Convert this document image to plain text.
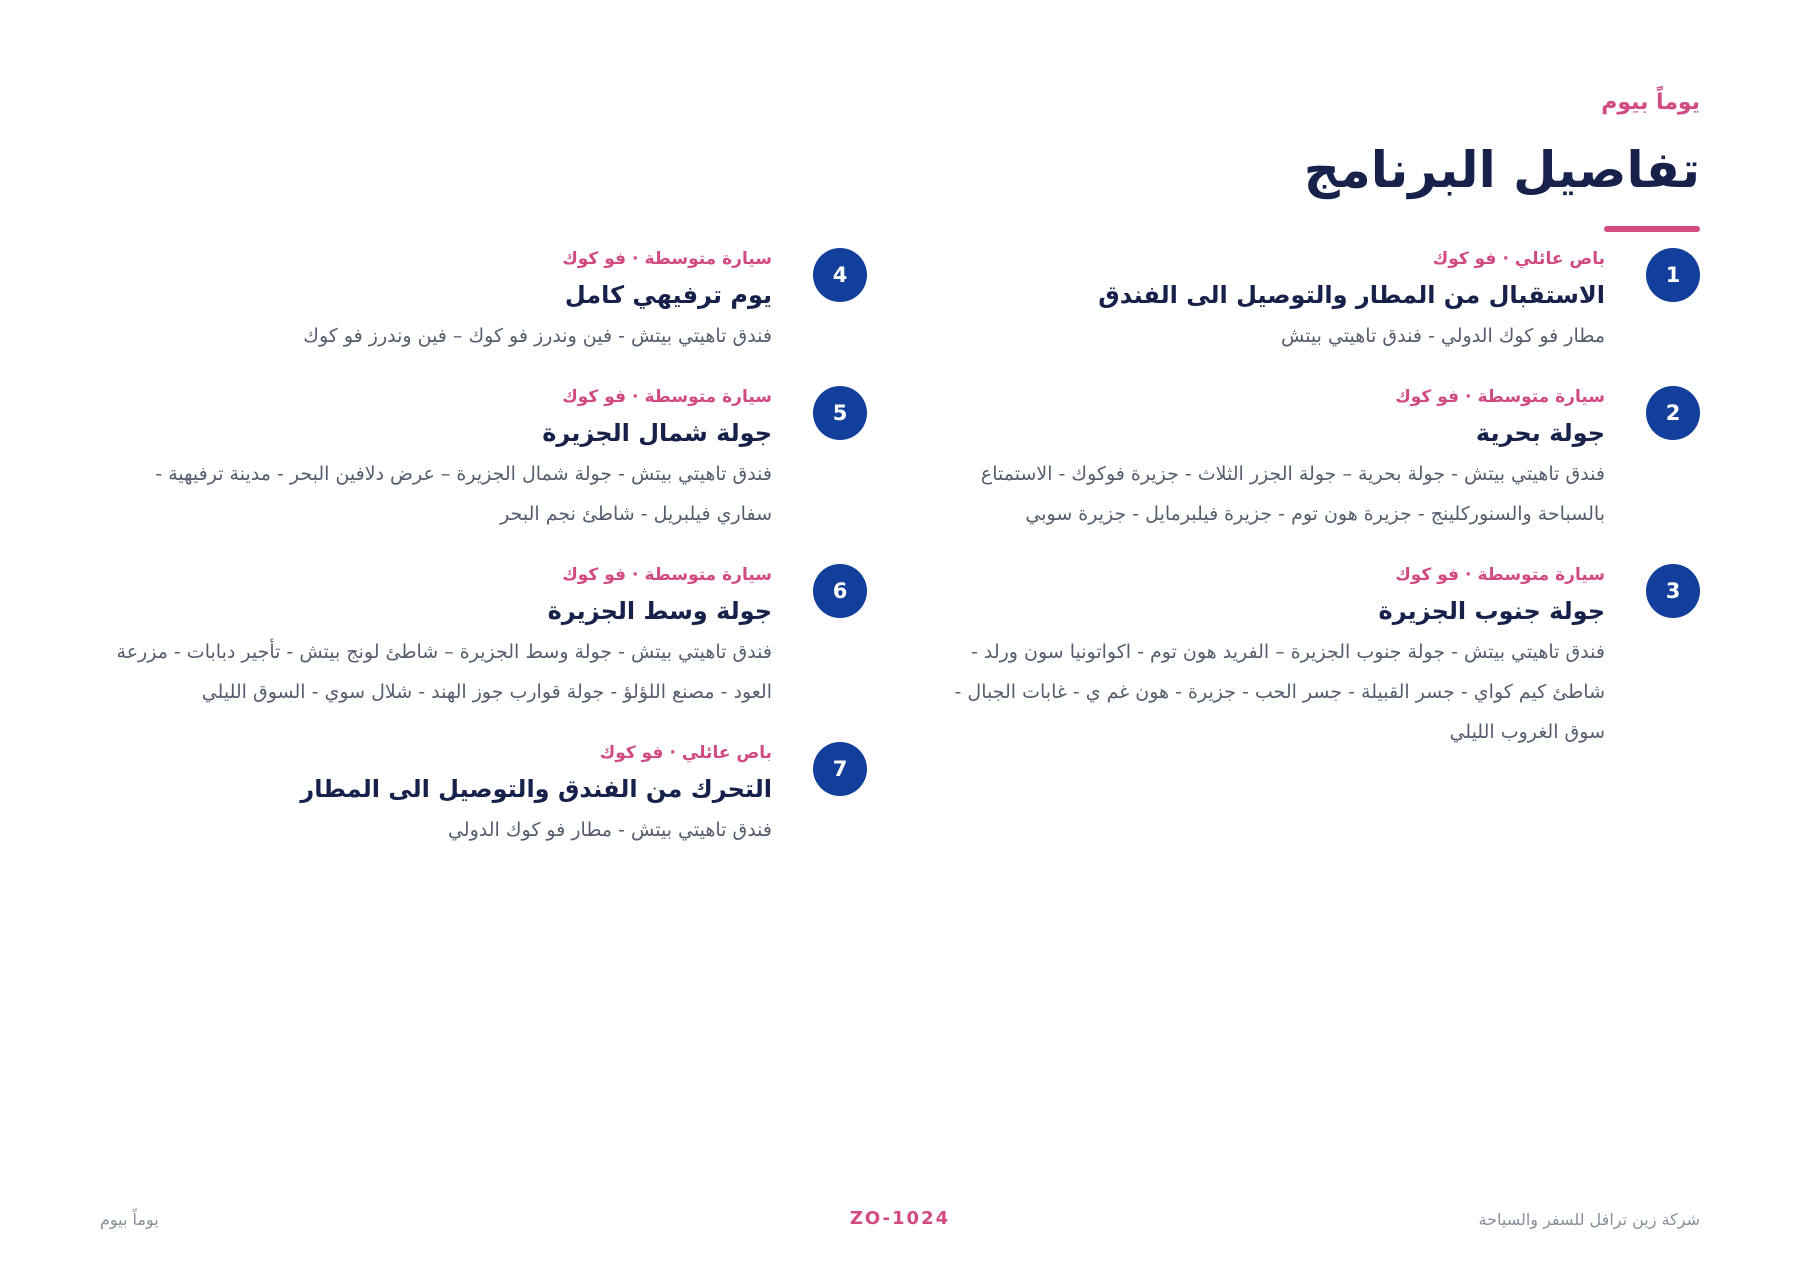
يوماً بيوم

تفاصيل البرنامج
1

باص عائلي·فو كوك

الاستقبال من المطار والتوصيل الى الفندق

مطار فو كوك الدولي - فندق تاهيتي بيتش

2

سيارة متوسطة·فو كوك

جولة بحرية

فندق تاهيتي بيتش - جولة بحرية – جولة الجزر الثلاث - جزيرة فوكوك - الاستمتاع بالسباحة والسنوركلينج - جزيرة هون توم - جزيرة فيلبرمايل - جزيرة سوبي

3

سيارة متوسطة·فو كوك

جولة جنوب الجزيرة

فندق تاهيتي بيتش - جولة جنوب الجزيرة – الفريد هون توم - اكواتونيا سون ورلد - شاطئ كيم كواي - جسر القبيلة - جسر الحب - جزيرة - هون غم ي - غابات الجبال - سوق الغروب الليلي

4

سيارة متوسطة·فو كوك

يوم ترفيهي كامل

فندق تاهيتي بيتش - فين وندرز فو كوك – فين وندرز فو كوك

5

سيارة متوسطة·فو كوك

جولة شمال الجزيرة

فندق تاهيتي بيتش - جولة شمال الجزيرة – عرض دلافين البحر - مدينة ترفيهية - سفاري فيلبريل - شاطئ نجم البحر

6

سيارة متوسطة·فو كوك

جولة وسط الجزيرة

فندق تاهيتي بيتش - جولة وسط الجزيرة – شاطئ لونج بيتش - تأجير دبابات - مزرعة العود - مصنع اللؤلؤ - جولة قوارب جوز الهند - شلال سوي - السوق الليلي

7

باص عائلي·فو كوك

التحرك من الفندق والتوصيل الى المطار

فندق تاهيتي بيتش - مطار فو كوك الدولي

شركة زين ترافل للسفر والسياحة
ZO-1024
يوماً بيوم
